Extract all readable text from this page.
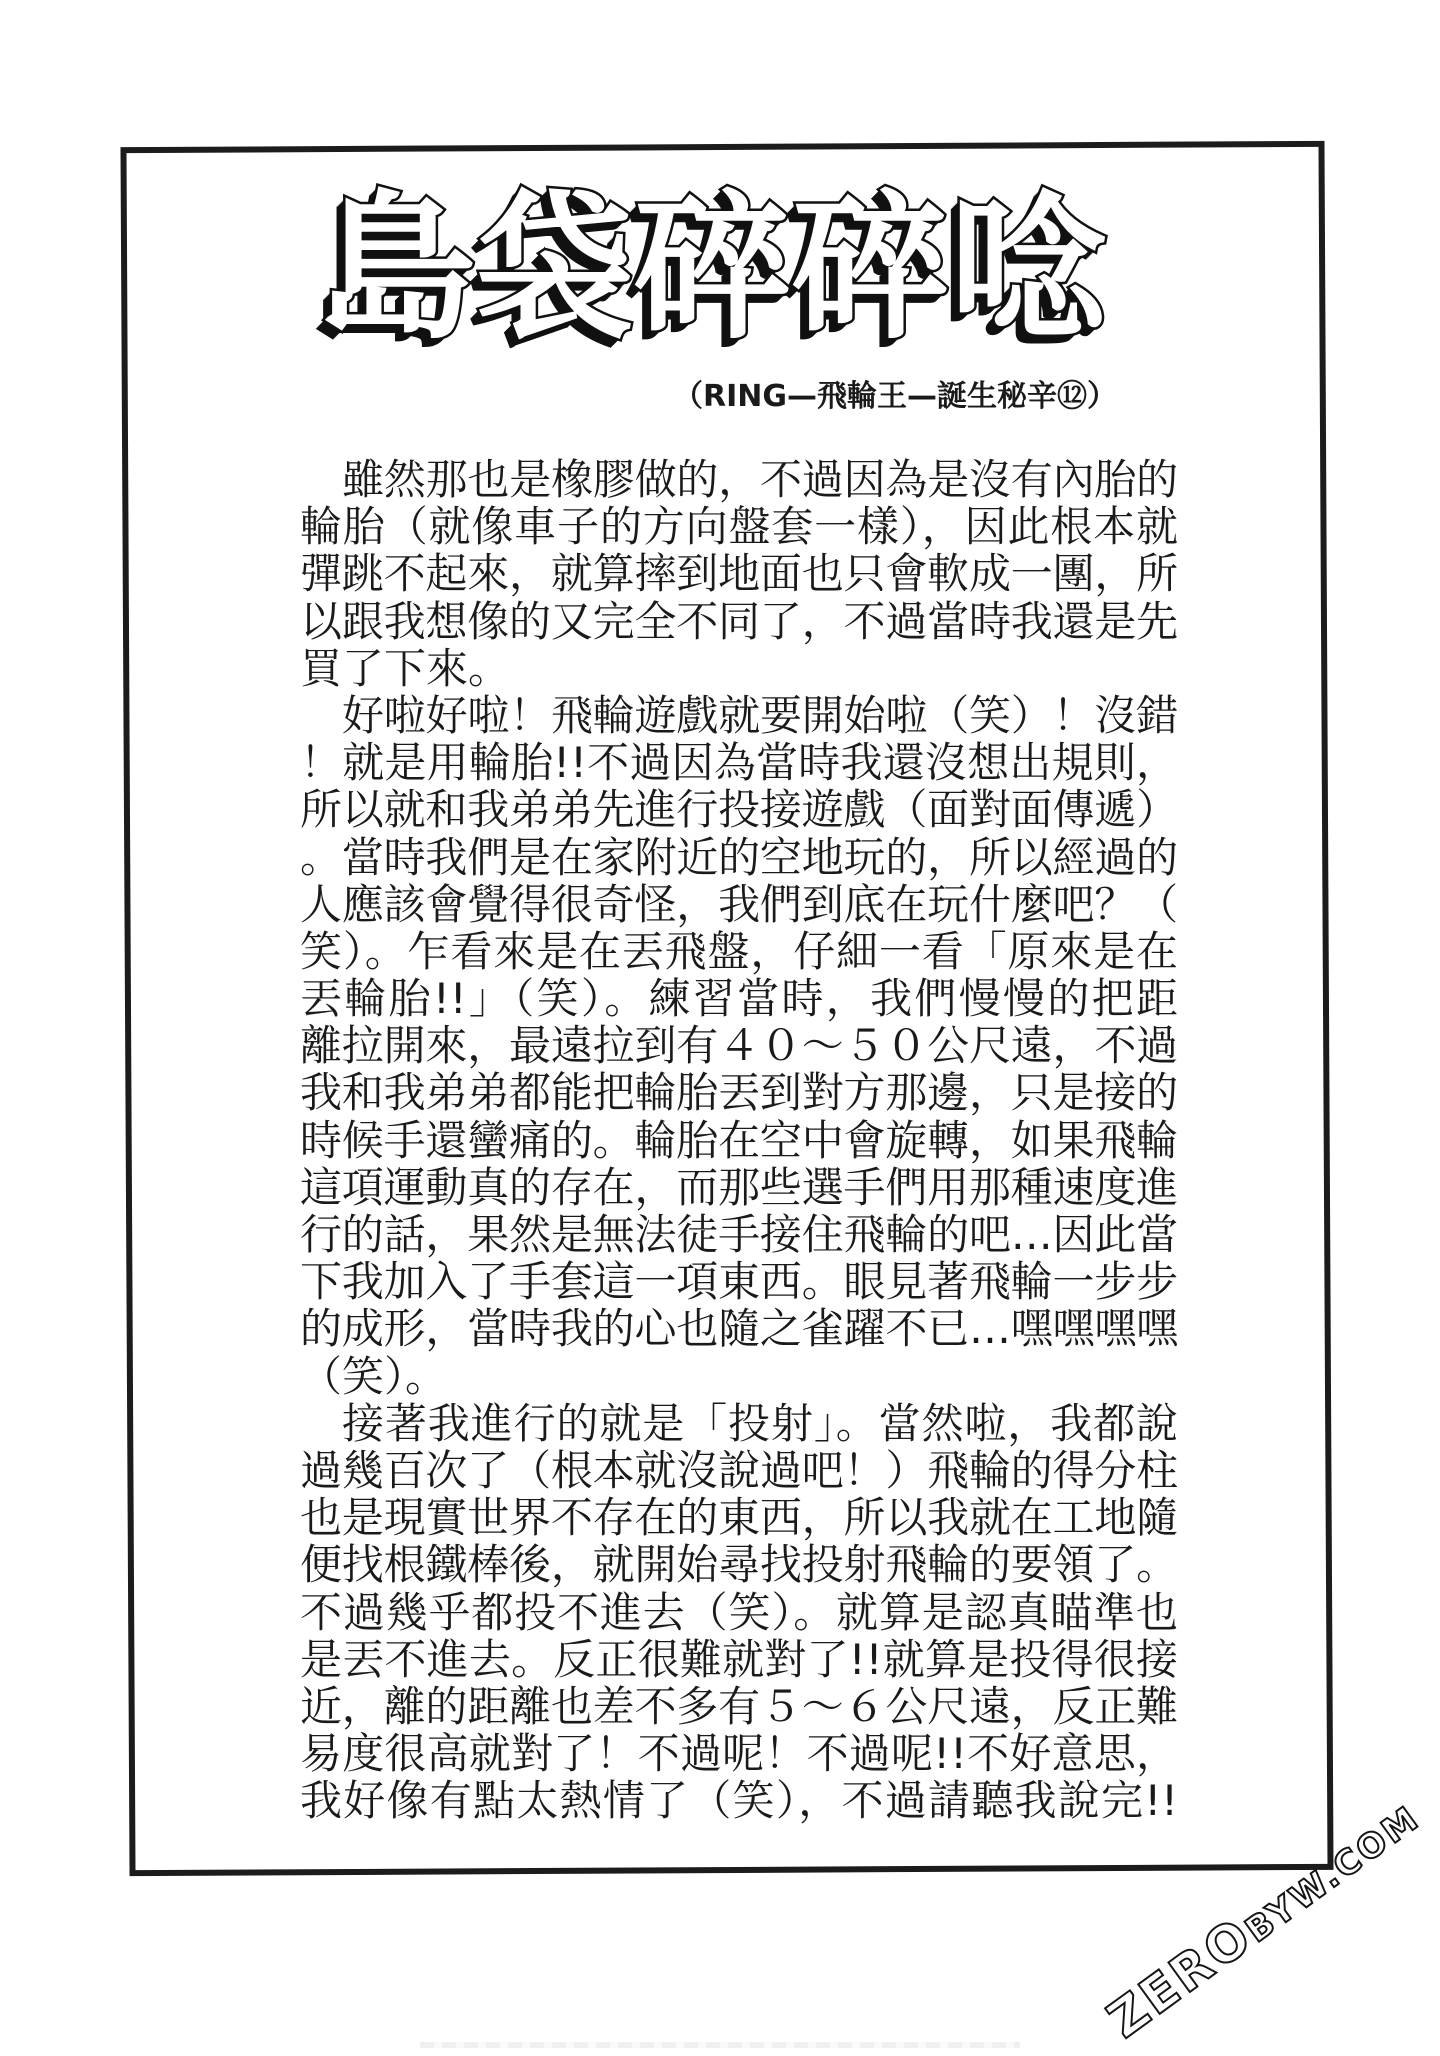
島袋碎碎唸
（RING—飛輪王—誕生秘辛⑫）
雖然那也是橡膠做的，不過因為是沒有內胎的
輪胎（就像車子的方向盤套一樣），因此根本就
彈跳不起來，就算摔到地面也只會軟成一團，所
以跟我想像的又完全不同了，不過當時我還是先
買了下來。
好啦好啦！飛輪遊戲就要開始啦（笑）！沒錯
！就是用輪胎!!不過因為當時我還沒想出規則，
所以就和我弟弟先進行投接遊戲（面對面傳遞）
。當時我們是在家附近的空地玩的，所以經過的
人應該會覺得很奇怪，我們到底在玩什麼吧？（
笑）。乍看來是在丟飛盤，仔細一看「原來是在
丟輪胎!!」（笑）。練習當時，我們慢慢的把距
離拉開來，最遠拉到有４０～５０公尺遠，不過
我和我弟弟都能把輪胎丟到對方那邊，只是接的
時候手還蠻痛的。輪胎在空中會旋轉，如果飛輪
這項運動真的存在，而那些選手們用那種速度進
行的話，果然是無法徒手接住飛輪的吧…因此當
下我加入了手套這一項東西。眼見著飛輪一步步
的成形，當時我的心也隨之雀躍不已…嘿嘿嘿嘿
（笑）。
接著我進行的就是「投射」。當然啦，我都說
過幾百次了（根本就沒說過吧！）飛輪的得分柱
也是現實世界不存在的東西，所以我就在工地隨
便找根鐵棒後，就開始尋找投射飛輪的要領了。
不過幾乎都投不進去（笑）。就算是認真瞄準也
是丟不進去。反正很難就對了!!就算是投得很接
近，離的距離也差不多有５～６公尺遠，反正難
易度很高就對了！不過呢！不過呢!!不好意思，
我好像有點太熱情了（笑），不過請聽我說完!!
ZEROBYW.COM
